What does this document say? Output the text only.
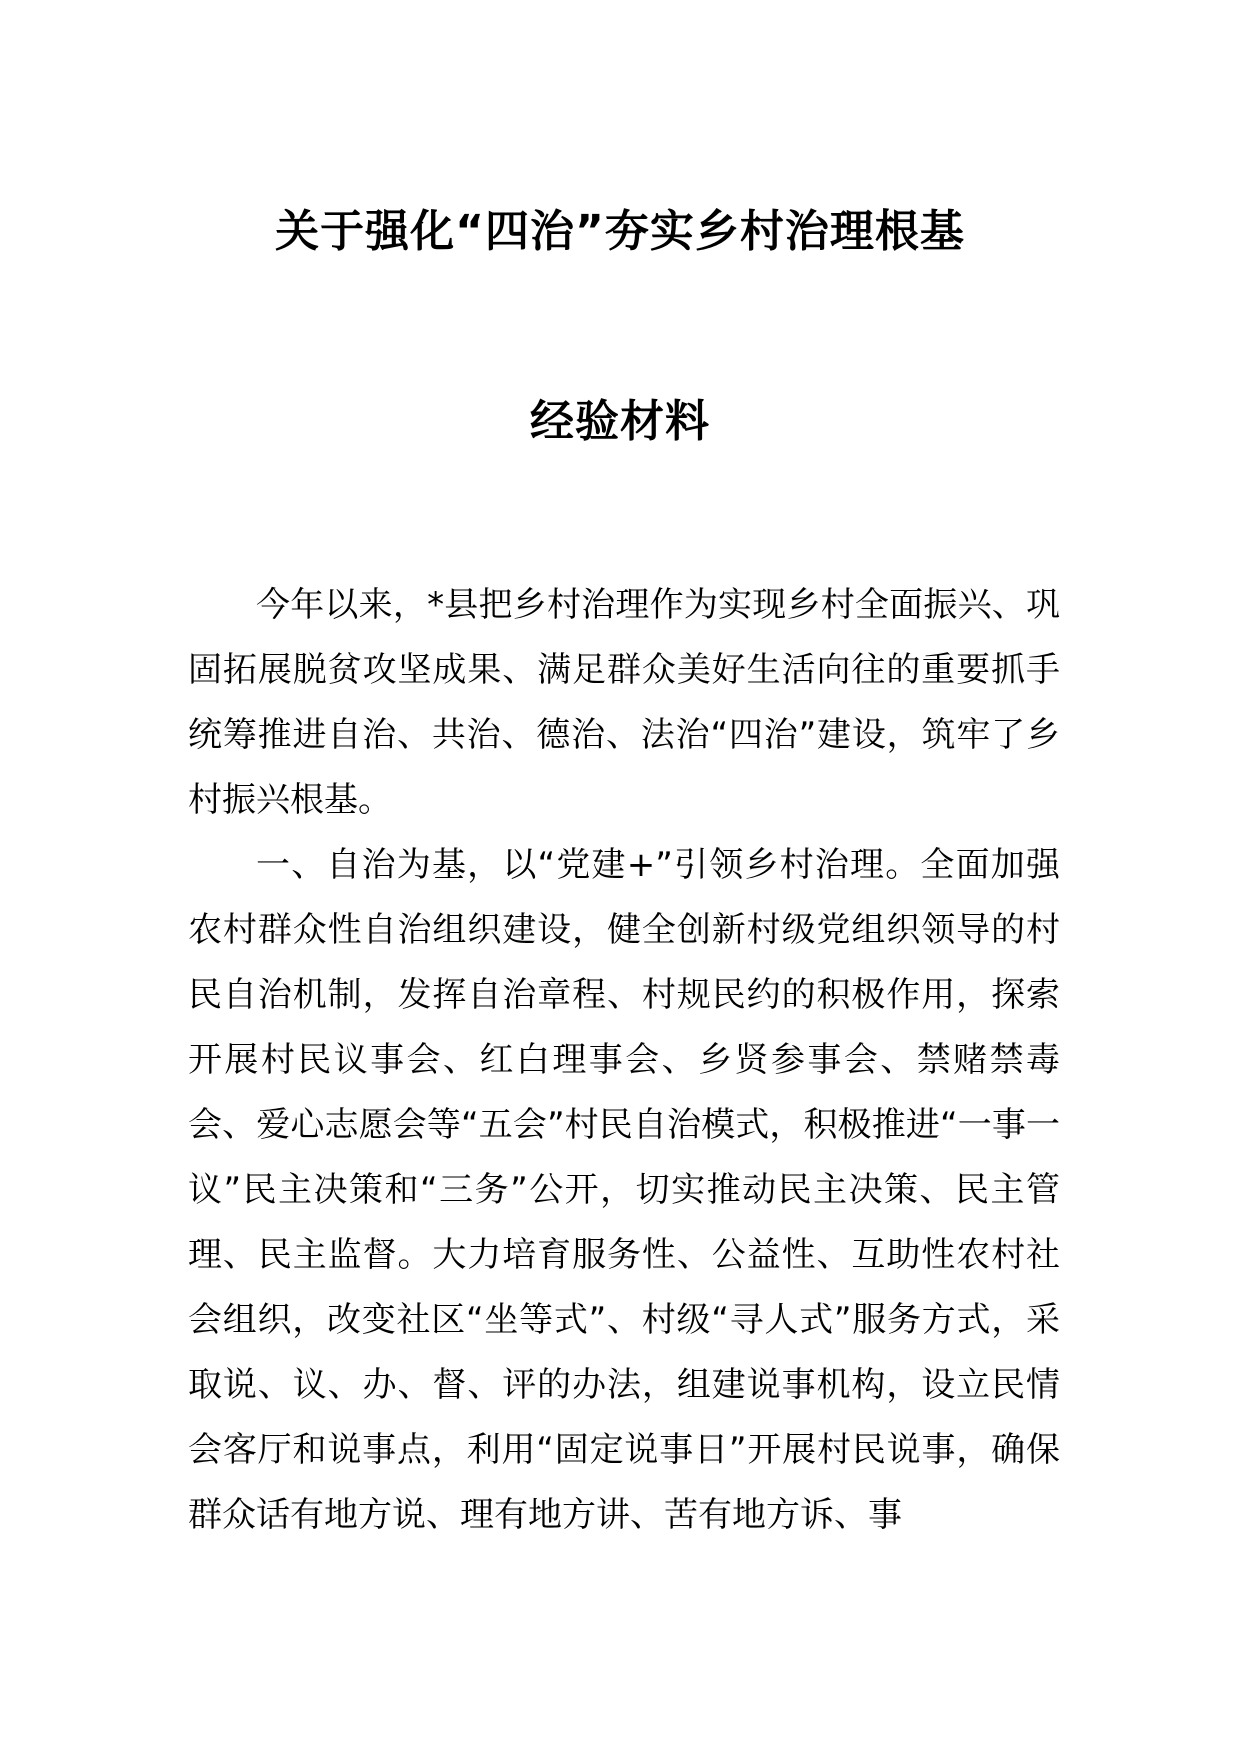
关于强化“四治”夯实乡村治理根基
经验材料

今年以来，*县把乡村治理作为实现乡村全面振兴、巩固拓展脱贫攻坚成果、满足群众美好生活向往的重要抓手统筹推进自治、共治、德治、法治“四治”建设，筑牢了乡村振兴根基。

一、自治为基，以“党建+”引领乡村治理。全面加强农村群众性自治组织建设，健全创新村级党组织领导的村民自治机制，发挥自治章程、村规民约的积极作用，探索开展村民议事会、红白理事会、乡贤参事会、禁赌禁毒会、爱心志愿会等“五会”村民自治模式，积极推进“一事一议”民主决策和“三务”公开，切实推动民主决策、民主管理、民主监督。大力培育服务性、公益性、互助性农村社会组织，改变社区“坐等式”、村级“寻人式”服务方式，采取说、议、办、督、评的办法，组建说事机构，设立民情会客厅和说事点，利用“固定说事日”开展村民说事，确保群众话有地方说、理有地方讲、苦有地方诉、事
